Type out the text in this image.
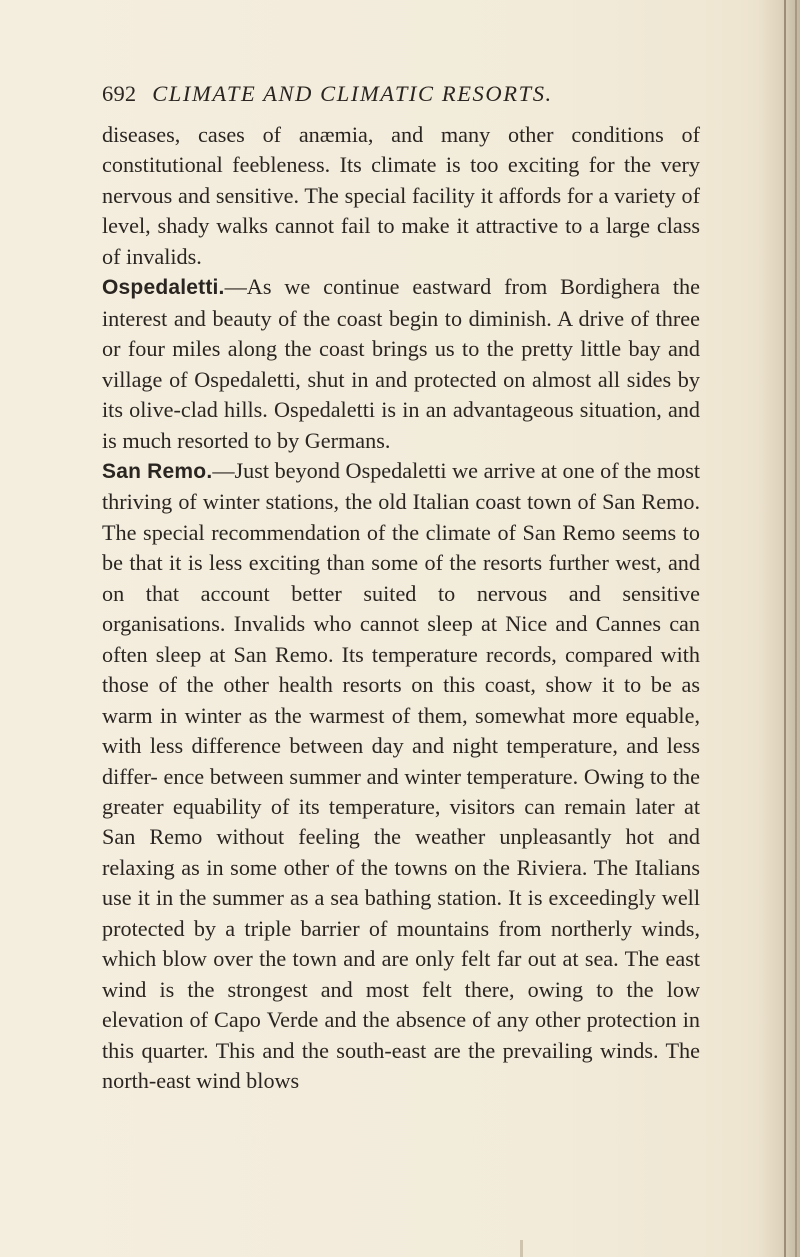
692 CLIMATE AND CLIMATIC RESORTS.

diseases, cases of anæmia, and many other conditions of constitutional feebleness. Its climate is too exciting for the very nervous and sensitive. The special facility it affords for a variety of level, shady walks cannot fail to make it attractive to a large class of invalids.

Ospedaletti.—As we continue eastward from Bordighera the interest and beauty of the coast begin to diminish. A drive of three or four miles along the coast brings us to the pretty little bay and village of Ospedaletti, shut in and protected on almost all sides by its olive-clad hills. Ospedaletti is in an advantageous situation, and is much resorted to by Germans.

San Remo.—Just beyond Ospedaletti we arrive at one of the most thriving of winter stations, the old Italian coast town of San Remo. The special recommendation of the climate of San Remo seems to be that it is less exciting than some of the resorts further west, and on that account better suited to nervous and sensitive organisations. Invalids who cannot sleep at Nice and Cannes can often sleep at San Remo. Its temperature records, compared with those of the other health resorts on this coast, show it to be as warm in winter as the warmest of them, somewhat more equable, with less difference between day and night temperature, and less differ- ence between summer and winter temperature. Owing to the greater equability of its temperature, visitors can remain later at San Remo without feeling the weather unpleasantly hot and relaxing as in some other of the towns on the Riviera. The Italians use it in the summer as a sea bathing station. It is exceedingly well protected by a triple barrier of mountains from northerly winds, which blow over the town and are only felt far out at sea. The east wind is the strongest and most felt there, owing to the low elevation of Capo Verde and the absence of any other protection in this quarter. This and the south-east are the prevailing winds. The north-east wind blows
